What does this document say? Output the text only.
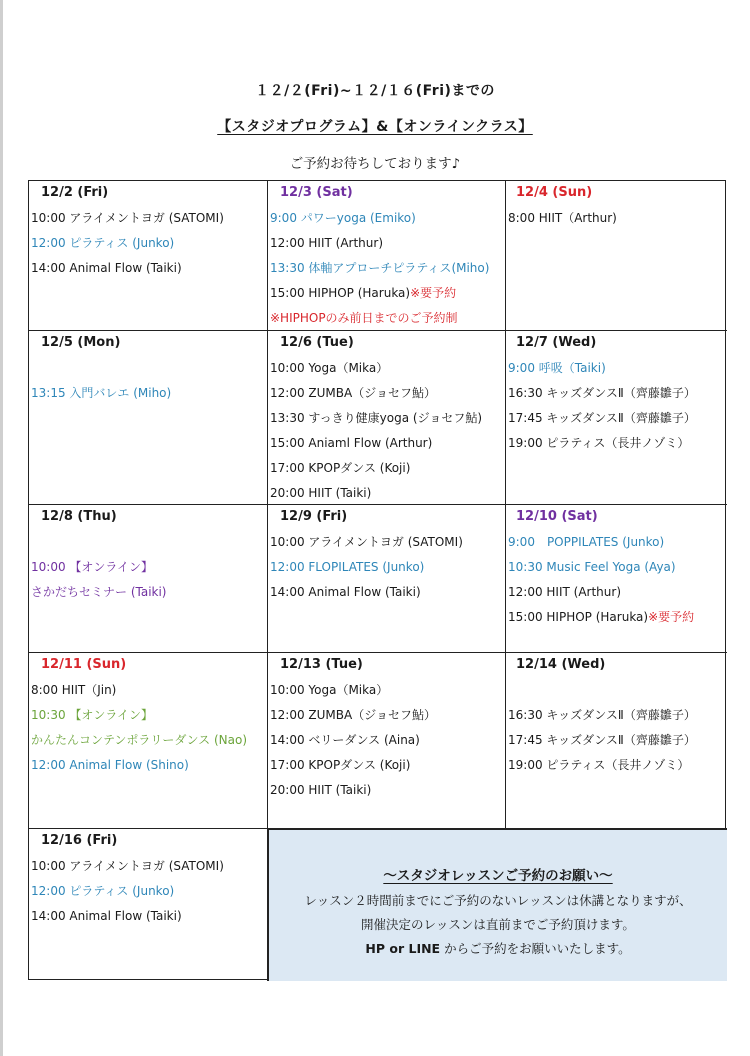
１２/２(Fri)~１２/１６(Fri)までの
【スタジオプログラム】&【オンラインクラス】
ご予約お待ちしております♪
12/16 (Fri)
10:00 アライメントヨガ (SATOMI)
12:00 ピラティス (Junko)
14:00 Animal Flow (Taiki)
12/14 (Wed)
16:30 キッズダンスⅡ（齊藤雛子）
17:45 キッズダンスⅡ（齊藤雛子）
19:00 ピラティス（長井ノゾミ）
12/13 (Tue)
10:00 Yoga（Mika）
12:00 ZUMBA（ジョセフ鮎）
14:00 ベリーダンス (Aina)
17:00 KPOPダンス (Koji)
20:00 HIIT (Taiki)
12/11 (Sun)
8:00 HIIT（Jin)
10:30 【オンライン】
かんたんコンテンポラリーダンス (Nao)
12:00 Animal Flow (Shino)
12/10 (Sat)
9:00　POPPILATES (Junko)
10:30 Music Feel Yoga (Aya)
12:00 HIIT (Arthur)
15:00 HIPHOP (Haruka)※要予約
12/9 (Fri)
10:00 アライメントヨガ (SATOMI)
12:00 FLOPILATES (Junko)
14:00 Animal Flow (Taiki)
12/8 (Thu)
10:00 【オンライン】
さかだちセミナー (Taiki)
12/7 (Wed)
9:00 呼吸（Taiki)
16:30 キッズダンスⅡ（齊藤雛子）
17:45 キッズダンスⅡ（齊藤雛子）
19:00 ピラティス（長井ノゾミ）
12/6 (Tue)
10:00 Yoga（Mika）
12:00 ZUMBA（ジョセフ鮎）
13:30 すっきり健康yoga (ジョセフ鮎)
15:00 Aniaml Flow (Arthur)
17:00 KPOPダンス (Koji)
20:00 HIIT (Taiki)
12/5 (Mon)
13:15 入門バレエ (Miho)
12/4 (Sun)
8:00 HIIT（Arthur)
12/3 (Sat)
9:00 パワーyoga (Emiko)
12:00 HIIT (Arthur)
13:30 体軸アプローチピラティス(Miho)
15:00 HIPHOP (Haruka)※要予約
※HIPHOPのみ前日までのご予約制
12/2 (Fri)
10:00 アライメントヨガ (SATOMI)
12:00 ピラティス (Junko)
14:00 Animal Flow (Taiki)
～スタジオレッスンご予約のお願い～
レッスン２時間前までにご予約のないレッスンは休講となりますが、
開催決定のレッスンは直前までご予約頂けます。
HP or LINE からご予約をお願いいたします。
